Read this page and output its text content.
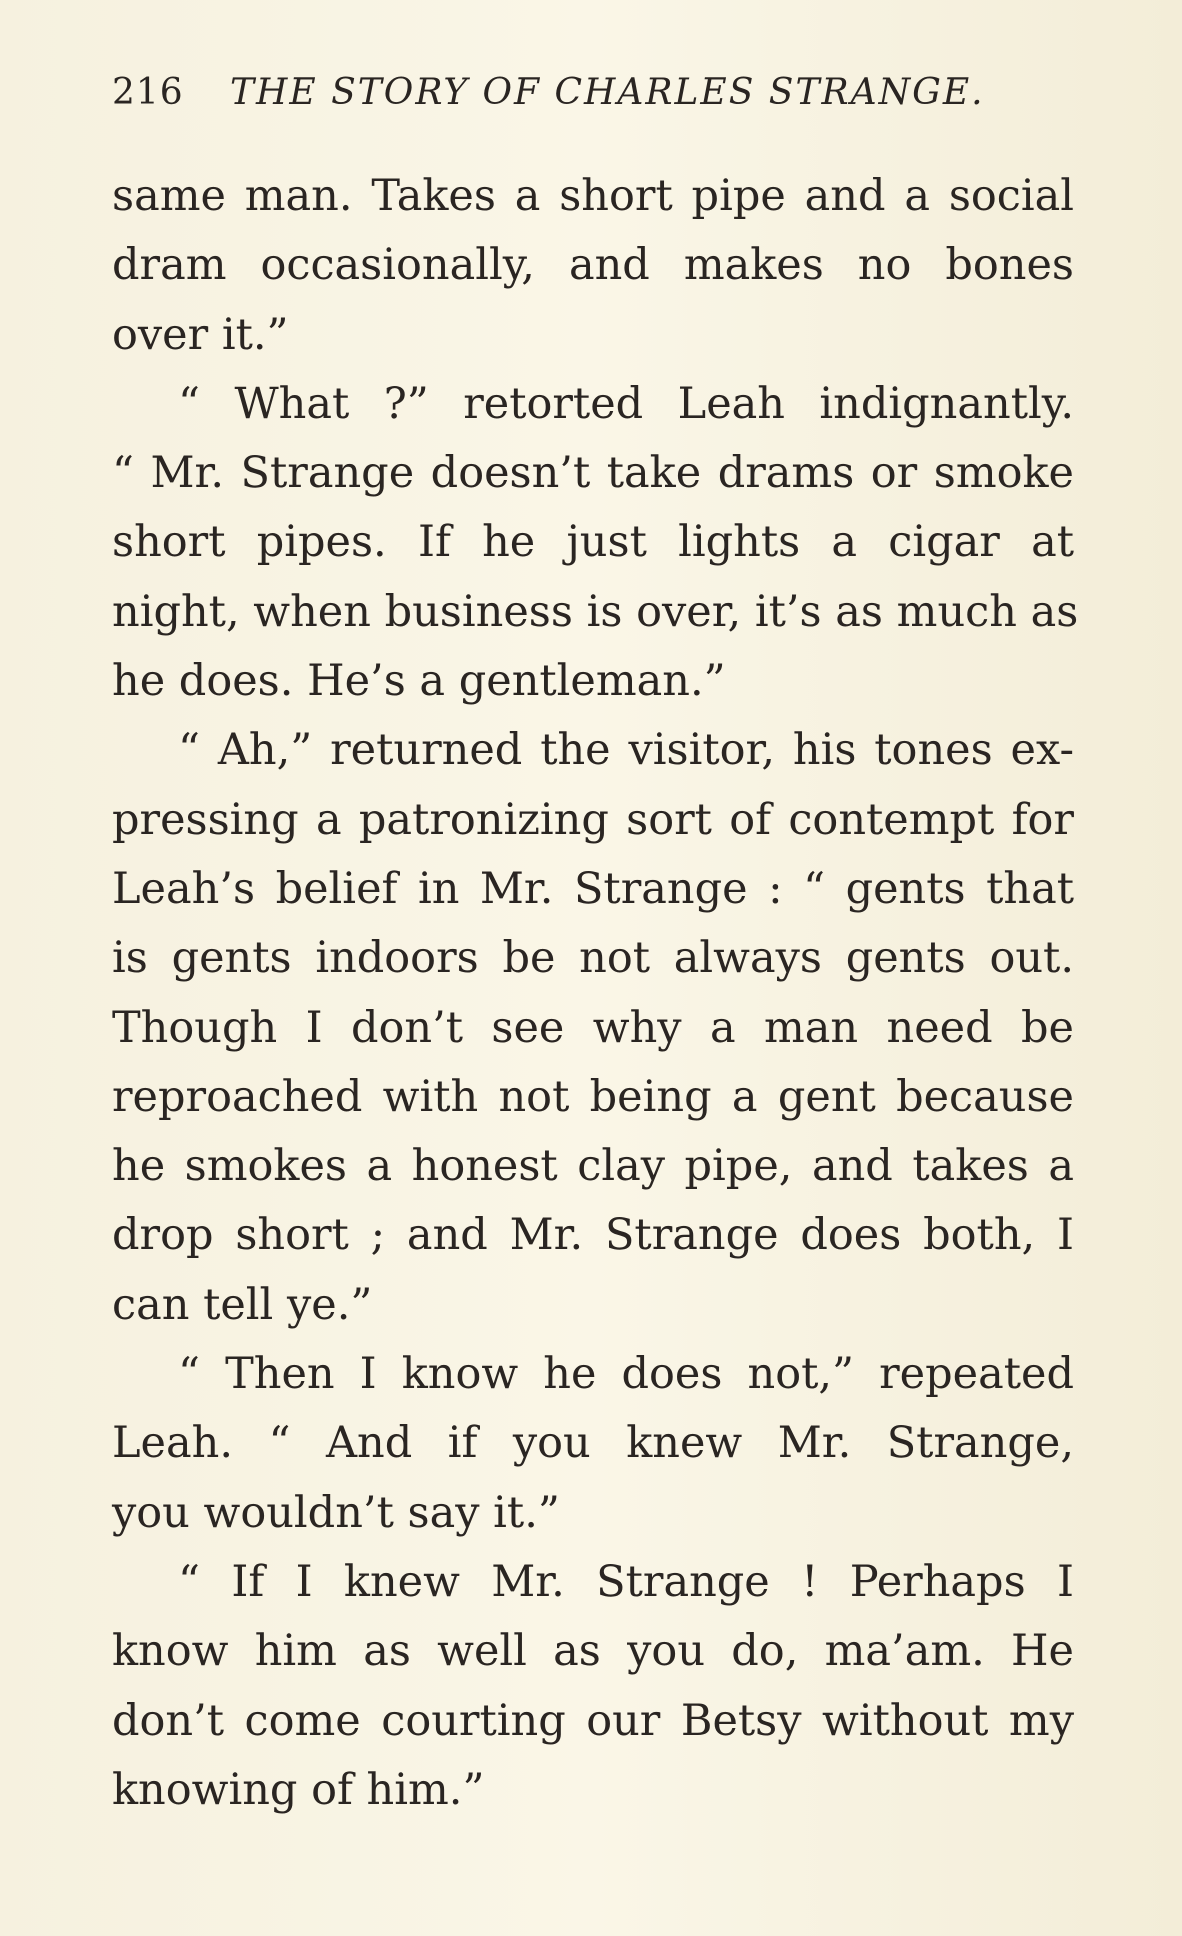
216 THE STORY OF CHARLES STRANGE.
same man. Takes a short pipe and a social
dram occasionally, and makes no bones
over it.”
“ What ?” retorted Leah indignantly.
“ Mr. Strange doesn’t take drams or smoke
short pipes. If he just lights a cigar at
night, when business is over, it’s as much as
he does. He’s a gentleman.”
“ Ah,” returned the visitor, his tones ex-
pressing a patronizing sort of contempt for
Leah’s belief in Mr. Strange : “ gents that
is gents indoors be not always gents out.
Though I don’t see why a man need be
reproached with not being a gent because
he smokes a honest clay pipe, and takes a
drop short ; and Mr. Strange does both, I
can tell ye.”
“ Then I know he does not,” repeated
Leah. “ And if you knew Mr. Strange,
you wouldn’t say it.”
“ If I knew Mr. Strange ! Perhaps I
know him as well as you do, ma’am. He
don’t come courting our Betsy without my
knowing of him.”
